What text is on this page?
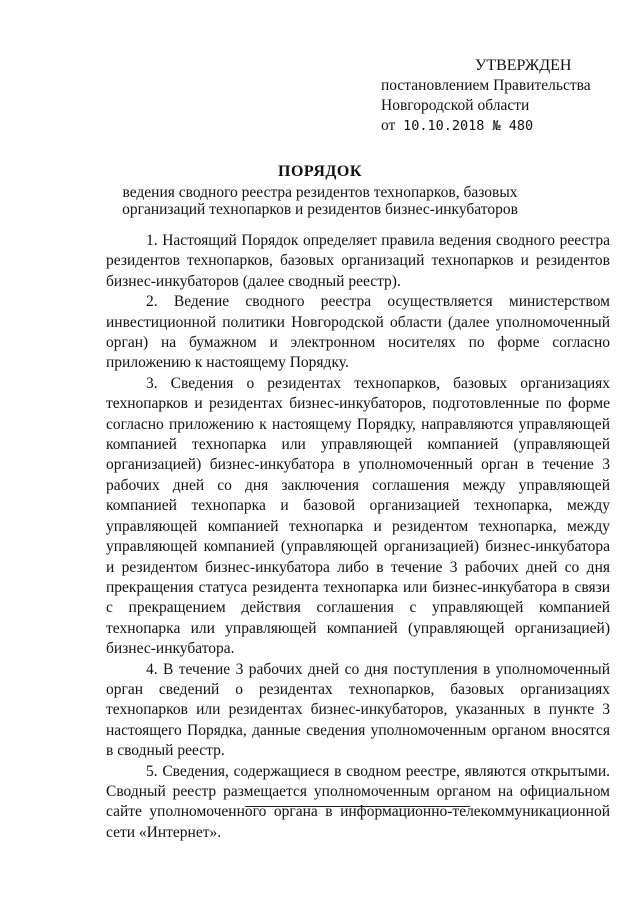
УТВЕРЖДЕН
постановлением Правительства
Новгородской области
от 10.10.2018 № 480
ПОРЯДОК
ведения сводного реестра резидентов технопарков, базовых организаций технопарков и резидентов бизнес-инкубаторов

1. Настоящий Порядок определяет правила ведения сводного реестра резидентов технопарков, базовых организаций технопарков и резидентов бизнес-инкубаторов (далее сводный реестр).

2. Ведение сводного реестра осуществляется министерством инвестиционной политики Новгородской области (далее уполномоченный орган) на бумажном и электронном носителях по форме согласно приложению к настоящему Порядку.

3. Сведения о резидентах технопарков, базовых организациях технопарков и резидентах бизнес-инкубаторов, подготовленные по форме согласно приложению к настоящему Порядку, направляются управляющей компанией технопарка или управляющей компанией (управляющей организацией) бизнес-инкубатора в уполномоченный орган в течение 3 рабочих дней со дня заключения соглашения между управляющей компанией технопарка и базовой организацией технопарка, между управляющей компанией технопарка и резидентом технопарка, между управляющей компанией (управляющей организацией) бизнес-инкубатора и резидентом бизнес-инкубатора либо в течение 3 рабочих дней со дня прекращения статуса резидента технопарка или бизнес-инкубатора в связи с прекращением действия соглашения с управляющей компанией технопарка или управляющей компанией (управляющей организацией) бизнес-инкубатора.

4. В течение 3 рабочих дней со дня поступления в уполномоченный орган сведений о резидентах технопарков, базовых организациях технопарков или резидентах бизнес-инкубаторов, указанных в пункте 3 настоящего Порядка, данные сведения уполномоченным органом вносятся в сводный реестр.

5. Сведения, содержащиеся в сводном реестре, являются открытыми. Сводный реестр размещается уполномоченным органом на официальном сайте уполномоченного органа в информационно-телекоммуникационной сети «Интернет».
